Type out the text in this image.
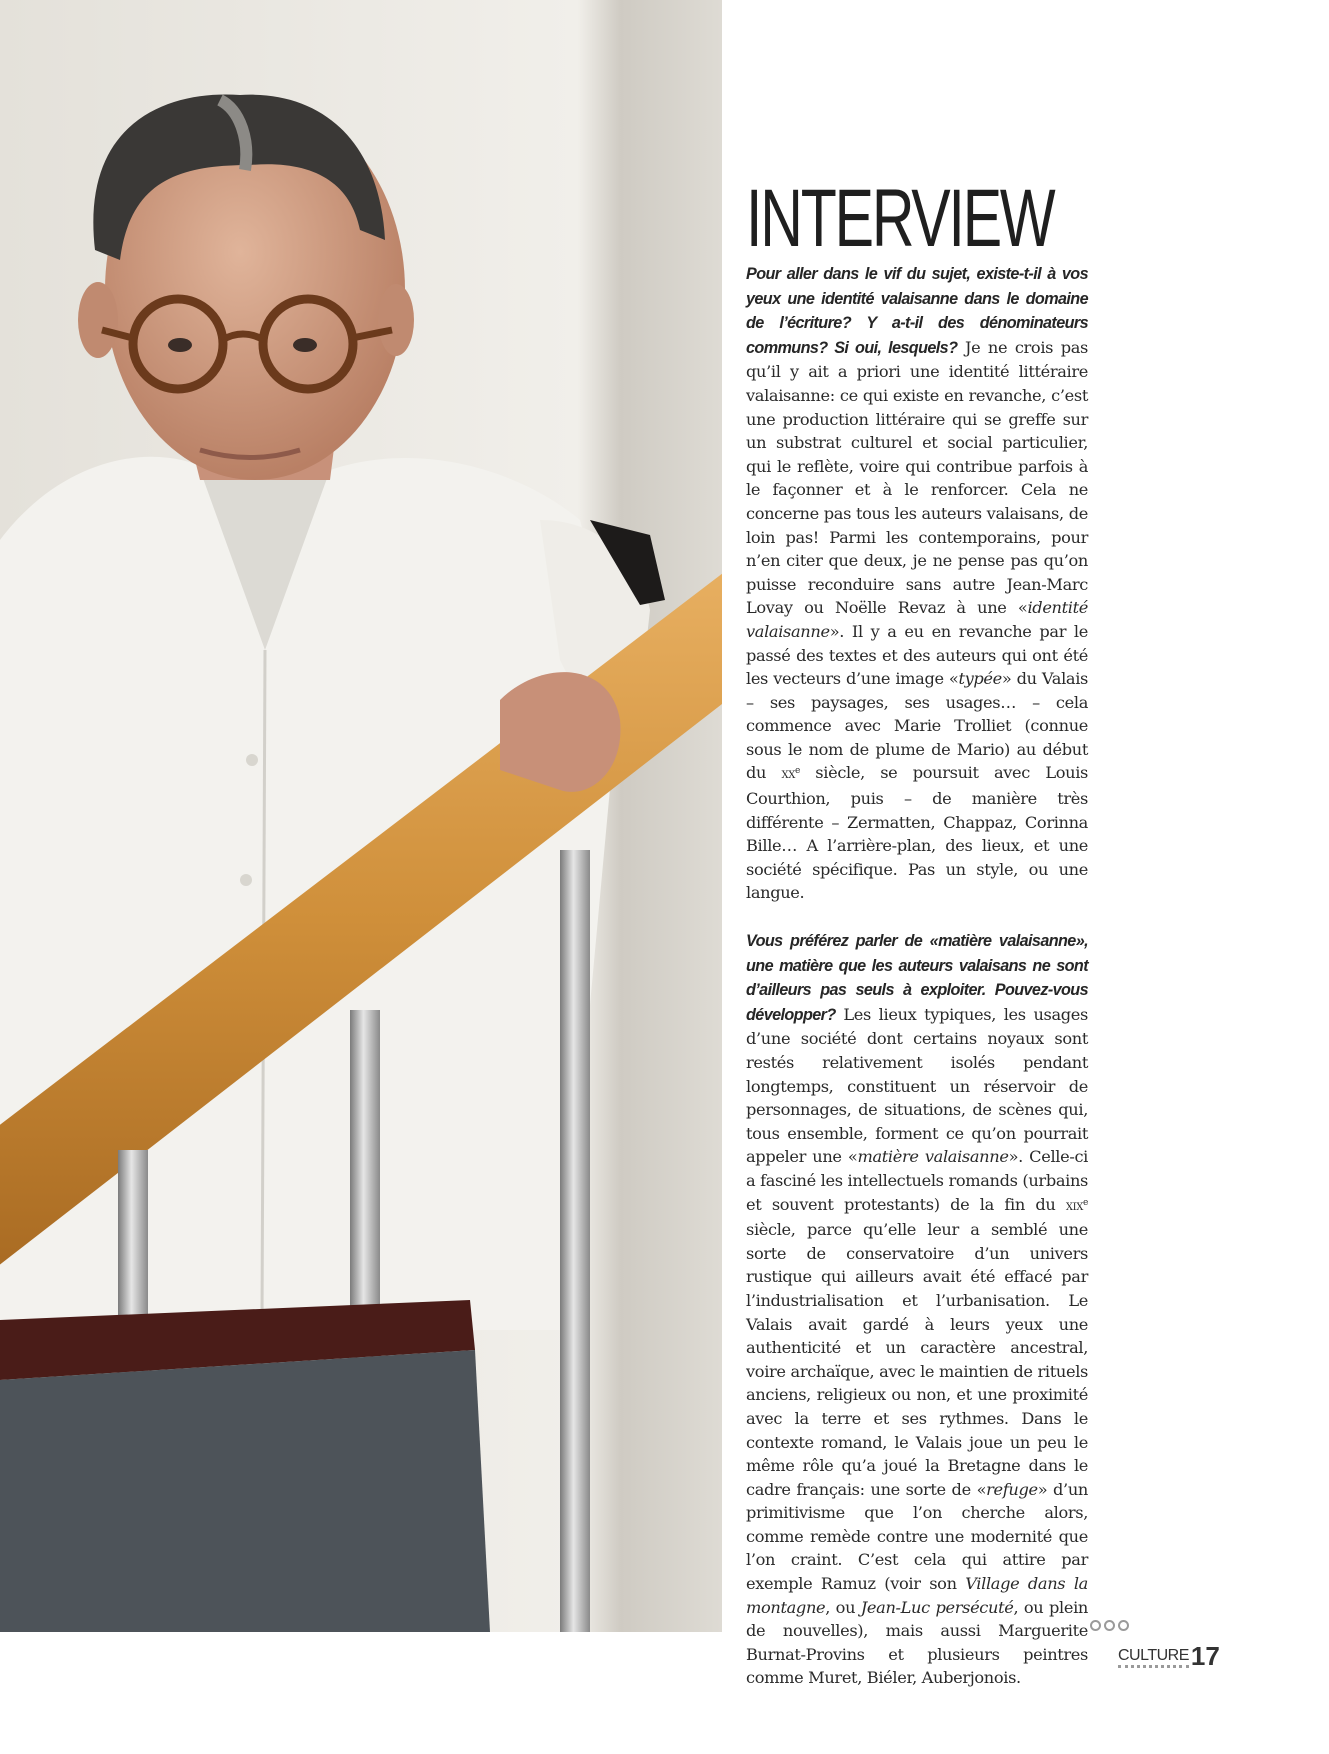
INTERVIEW

Pour aller dans le vif du sujet, existe-t-il à vos yeux une identité valaisanne dans le domaine de l’écriture? Y a-t-il des dénominateurs communs? Si oui, lesquels? Je ne crois pas qu’il y ait a priori une identité littéraire valaisanne: ce qui existe en revanche, c’est une production littéraire qui se greffe sur un substrat culturel et social particulier, qui le reflète, voire qui contribue parfois à le façonner et à le renforcer. Cela ne concerne pas tous les auteurs valaisans, de loin pas! Parmi les contemporains, pour n’en citer que deux, je ne pense pas qu’on puisse reconduire sans autre Jean-Marc Lovay ou Noëlle Revaz à une «identité valaisanne». Il y a eu en revanche par le passé des textes et des auteurs qui ont été les vecteurs d’une image «typée» du Valais – ses paysages, ses usages… – cela commence avec Marie Trolliet (connue sous le nom de plume de Mario) au début du $xx^e$ siècle, se poursuit avec Louis Courthion, puis – de manière très différente – Zermatten, Chappaz, Corinna Bille… A l’arrière-plan, des lieux, et une société spécifique. Pas un style, ou une langue.

Vous préférez parler de «matière valaisanne», une matière que les auteurs valaisans ne sont d’ailleurs pas seuls à exploiter. Pouvez-vous développer? Les lieux typiques, les usages d’une société dont certains noyaux sont restés relativement isolés pendant longtemps, constituent un réservoir de personnages, de situations, de scènes qui, tous ensemble, forment ce qu’on pourrait appeler une «matière valaisanne». Celle-ci a fasciné les intellectuels romands (urbains et souvent protestants) de la fin du xix$^e$ siècle, parce qu’elle leur a semblé une sorte de conservatoire d’un univers rustique qui ailleurs avait été effacé par l’industrialisation et l’urbanisation. Le Valais avait gardé à leurs yeux une authenticité et un caractère ancestral, voire archaïque, avec le maintien de rituels anciens, religieux ou non, et une proximité avec la terre et ses rythmes. Dans le contexte romand, le Valais joue un peu le même rôle qu’a joué la Bretagne dans le cadre français: une sorte de «refuge» d’un primitivisme que l’on cherche alors, comme remède contre une modernité que l’on craint. C’est cela qui attire par exemple Ramuz (voir son Village dans la montagne, ou Jean-Luc persécuté, ou plein de nouvelles), mais aussi Marguerite Burnat-Provins et plusieurs peintres comme Muret, Biéler, Auberjonois.

CULTURE 17
